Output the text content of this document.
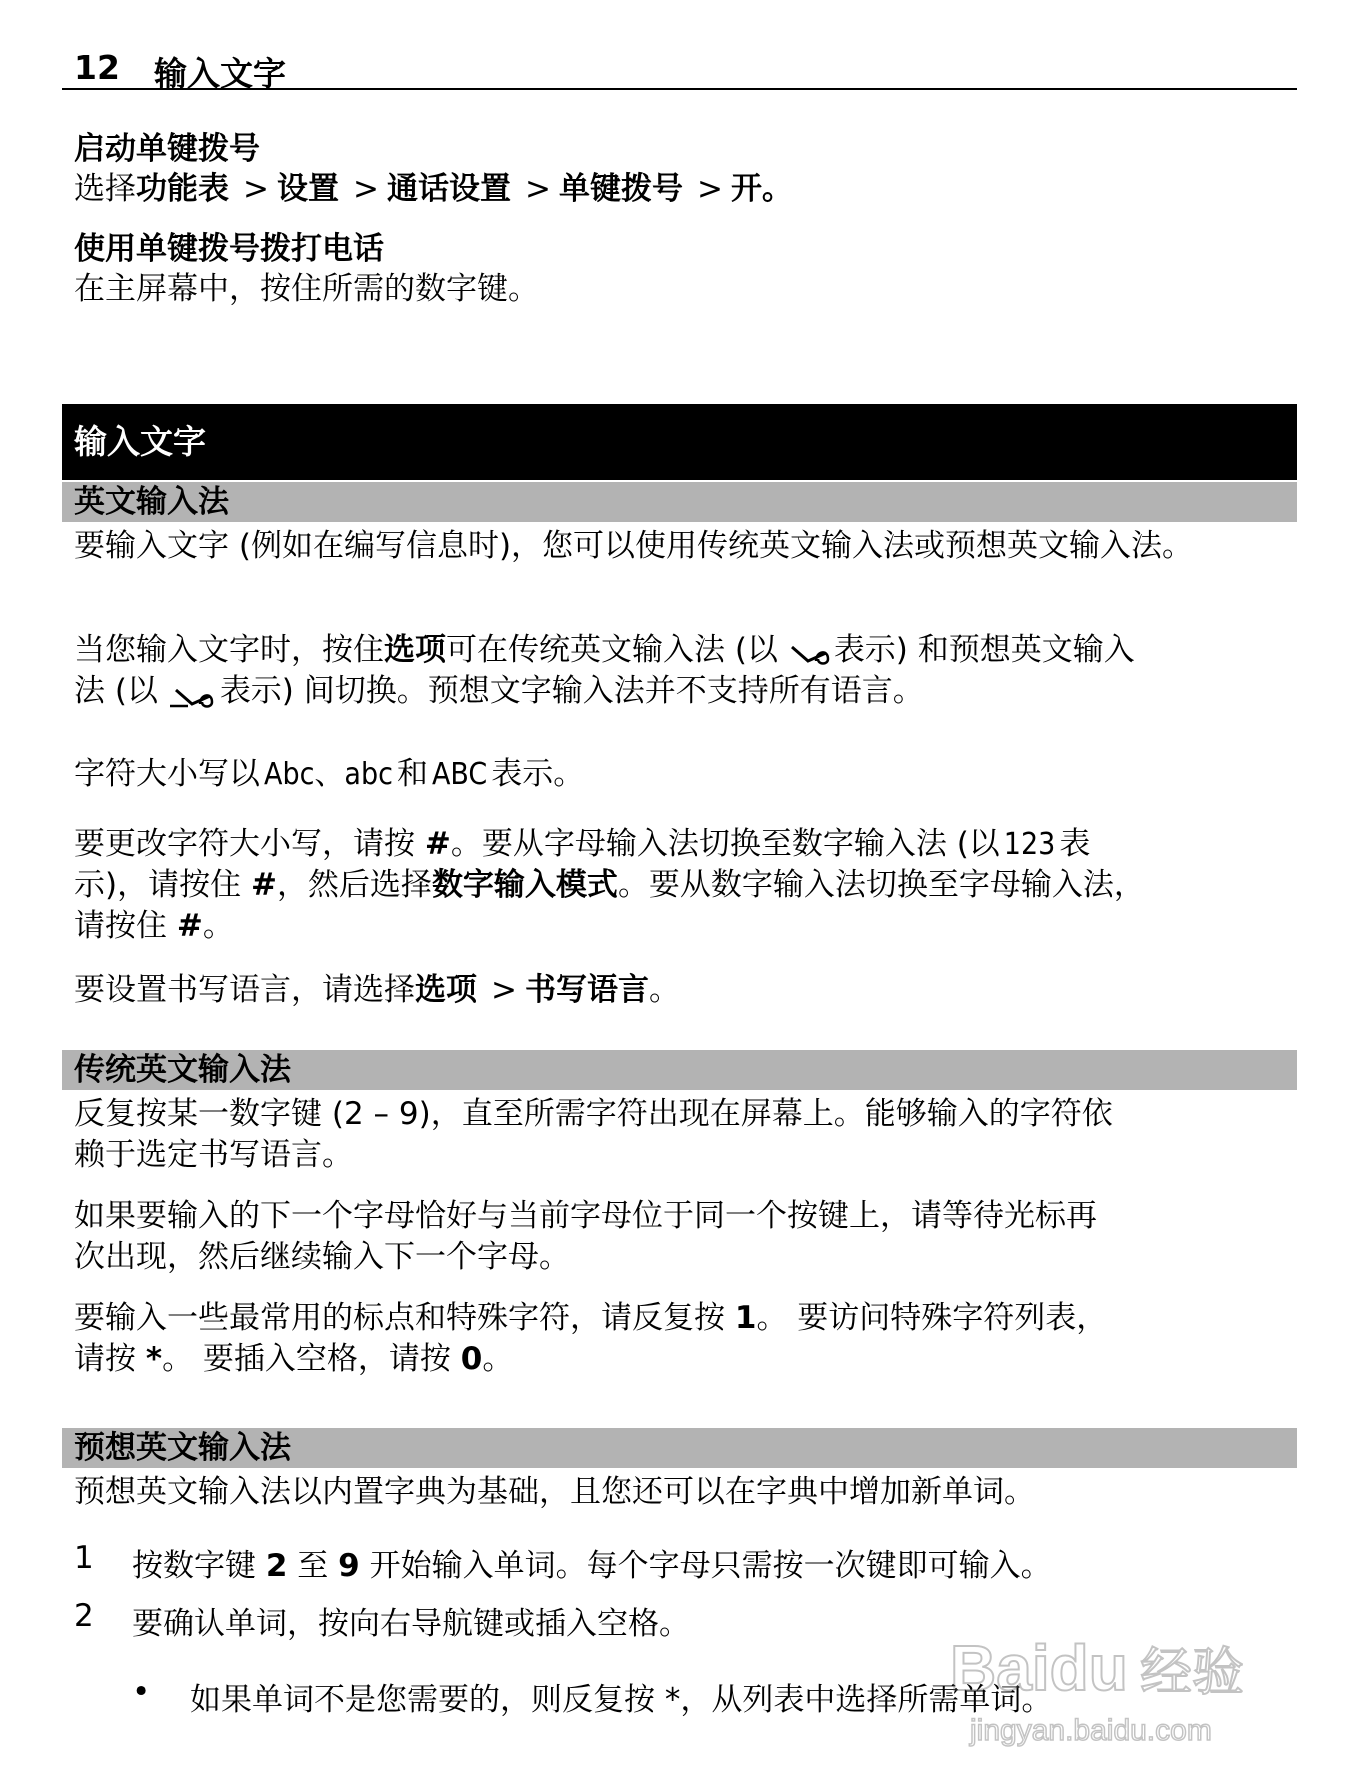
12 输入文字
启动单键拨号
选择功能表 > 设置 > 通话设置 > 单键拨号 > 开。
使用单键拨号拨打电话
在主屏幕中，按住所需的数字键。
输入文字
英文输入法
要输入文字 (例如在编写信息时)，您可以使用传统英文输入法或预想英文输入法。
当您输入文字时，按住选项可在传统英文输入法 (以 表示) 和预想英文输入
法 (以 表示) 间切换。预想文字输入法并不支持所有语言。
字符大小写以 Abc、abc 和 ABC 表示。
要更改字符大小写，请按 #。要从字母输入法切换至数字输入法 (以 123 表
示)，请按住 #，然后选择数字输入模式。要从数字输入法切换至字母输入法，
请按住 #。
要设置书写语言，请选择选项 > 书写语言。
传统英文输入法
反复按某一数字键 (2 – 9)，直至所需字符出现在屏幕上。能够输入的字符依
赖于选定书写语言。
如果要输入的下一个字母恰好与当前字母位于同一个按键上，请等待光标再
次出现，然后继续输入下一个字母。
要输入一些最常用的标点和特殊字符，请反复按 1。 要访问特殊字符列表，
请按 *。 要插入空格，请按 0。
预想英文输入法
预想英文输入法以内置字典为基础，且您还可以在字典中增加新单词。
1 按数字键 2 至 9 开始输入单词。每个字母只需按一次键即可输入。
2 要确认单词，按向右导航键或插入空格。
• 如果单词不是您需要的，则反复按 *，从列表中选择所需单词。
Baidu 经验
jingyan.baidu.com
